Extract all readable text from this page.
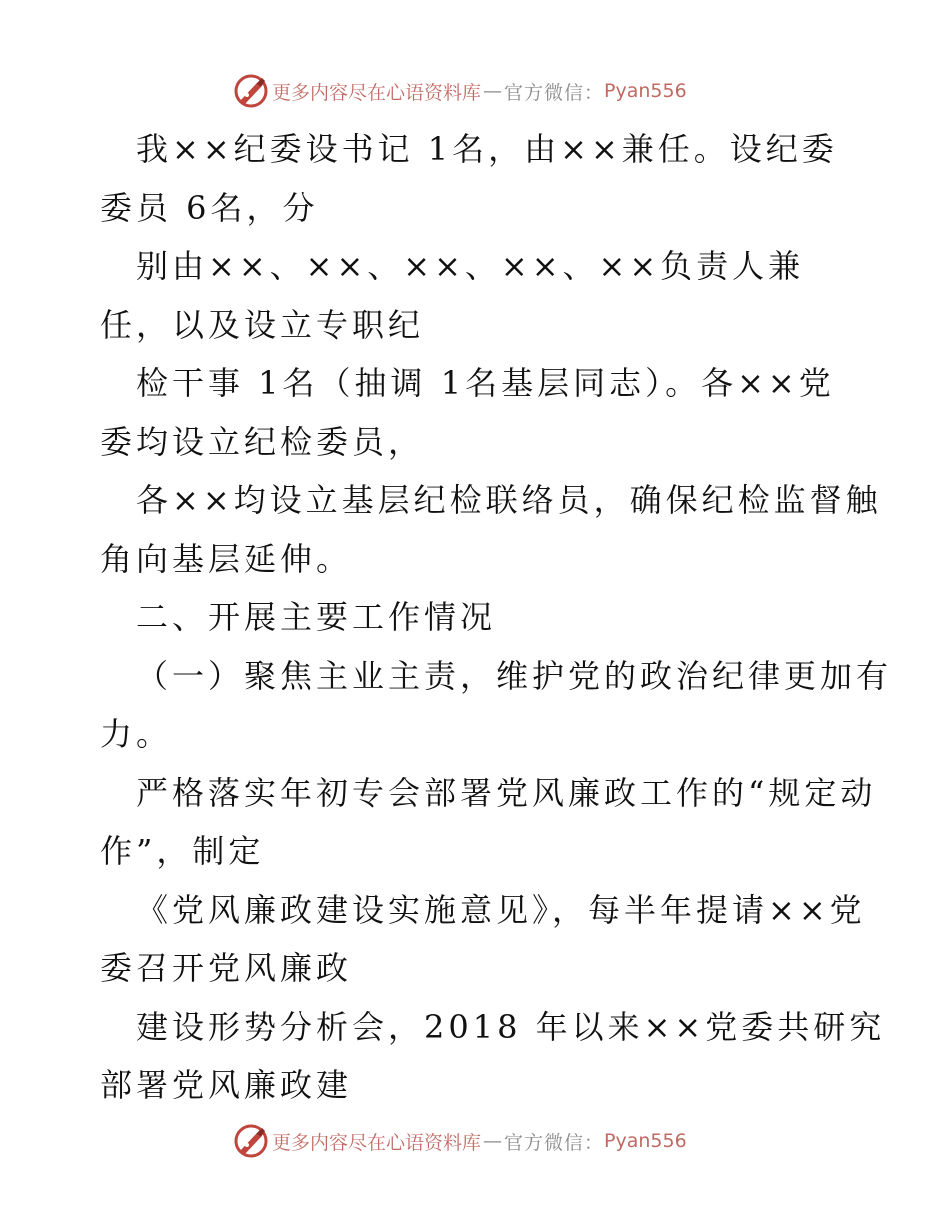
更多内容尽在心语资料库 — 官方微信： Pyan556
我××纪委设书记 1名，由××兼任。设纪委
委员 6名，分
别由××、××、××、××、××负责人兼
任，以及设立专职纪
检干事 1名（抽调 1名基层同志）。各××党
委均设立纪检委员，
各××均设立基层纪检联络员，确保纪检监督触
角向基层延伸。
二、开展主要工作情况
（一）聚焦主业主责，维护党的政治纪律更加有
力。
严格落实年初专会部署党风廉政工作的“规定动
作”，制定
《党风廉政建设实施意见》，每半年提请××党
委召开党风廉政
建设形势分析会，2018 年以来××党委共研究
部署党风廉政建
更多内容尽在心语资料库 — 官方微信： Pyan556
